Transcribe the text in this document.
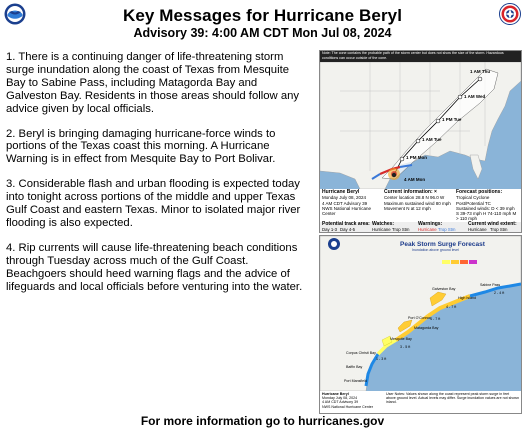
Key Messages for Hurricane Beryl
Advisory 39: 4:00 AM CDT Mon Jul 08, 2024

1. There is a continuing danger of life-threatening storm surge inundation along the coast of Texas from Mesquite Bay to Sabine Pass, including Matagorda Bay and Galveston Bay. Residents in those areas should follow any advice given by local officials.

2. Beryl is bringing damaging hurricane-force winds to portions of the Texas coast this morning. A Hurricane Warning is in effect from Mesquite Bay to Port Bolivar.

3. Considerable flash and urban flooding is expected today into tonight across portions of the middle and upper Texas Gulf Coast and eastern Texas. Minor to isolated major river flooding is also expected.

4. Rip currents will cause life-threatening beach conditions through Tuesday across much of the Gulf Coast. Beachgoers should heed warning flags and the advice of lifeguards and local officials before venturing into the water.

1 AM Thu
1 AM Wed
1 PM Tue
1 AM Tue
1 PM Mon
4 AM Mon
Note: The cone contains the probable path of the storm center but does not show the size of the storm. Hazardous conditions can occur outside of the cone.
Hurricane Beryl
Monday July 08, 2024
4 AM CDT Advisory 39
NWS National Hurricane Center
Current information: ×
Center location 28.8 N 96.0 W
Maximum sustained wind 80 mph
Movement N at 12 mph
Forecast positions:
Tropical Cyclone
Post/Potential TC
Sustained winds: D < 39 mph
S 39-73 mph H 74-110 mph M > 110 mph
Potential track area:
Day 1-3 Day 4-5
Watches:
Hurricane Trop Stm
Warnings:
Hurricane Trop Stm
Current wind extent:
Hurricane Trop Stm
Galveston Bay
High Island
Sabine Pass
Port O'Connor
Matagorda Bay
Mesquite Bay
Corpus Christi Bay
Baffin Bay
Port Mansfield
4 - 7 ft
4 - 7 ft
2 - 4 ft
3 - 5 ft
1 - 3 ft
Peak Storm Surge Forecast
Inundation above ground level
Hurricane Beryl
Monday July 08, 2024
4 AM CDT Advisory 39
NWS National Hurricane Center
User Notes: Values shown along the coast represent peak storm surge in feet above ground level. Actual levels may differ. Surge inundation values are not shown inland.
For more information go to hurricanes.gov
